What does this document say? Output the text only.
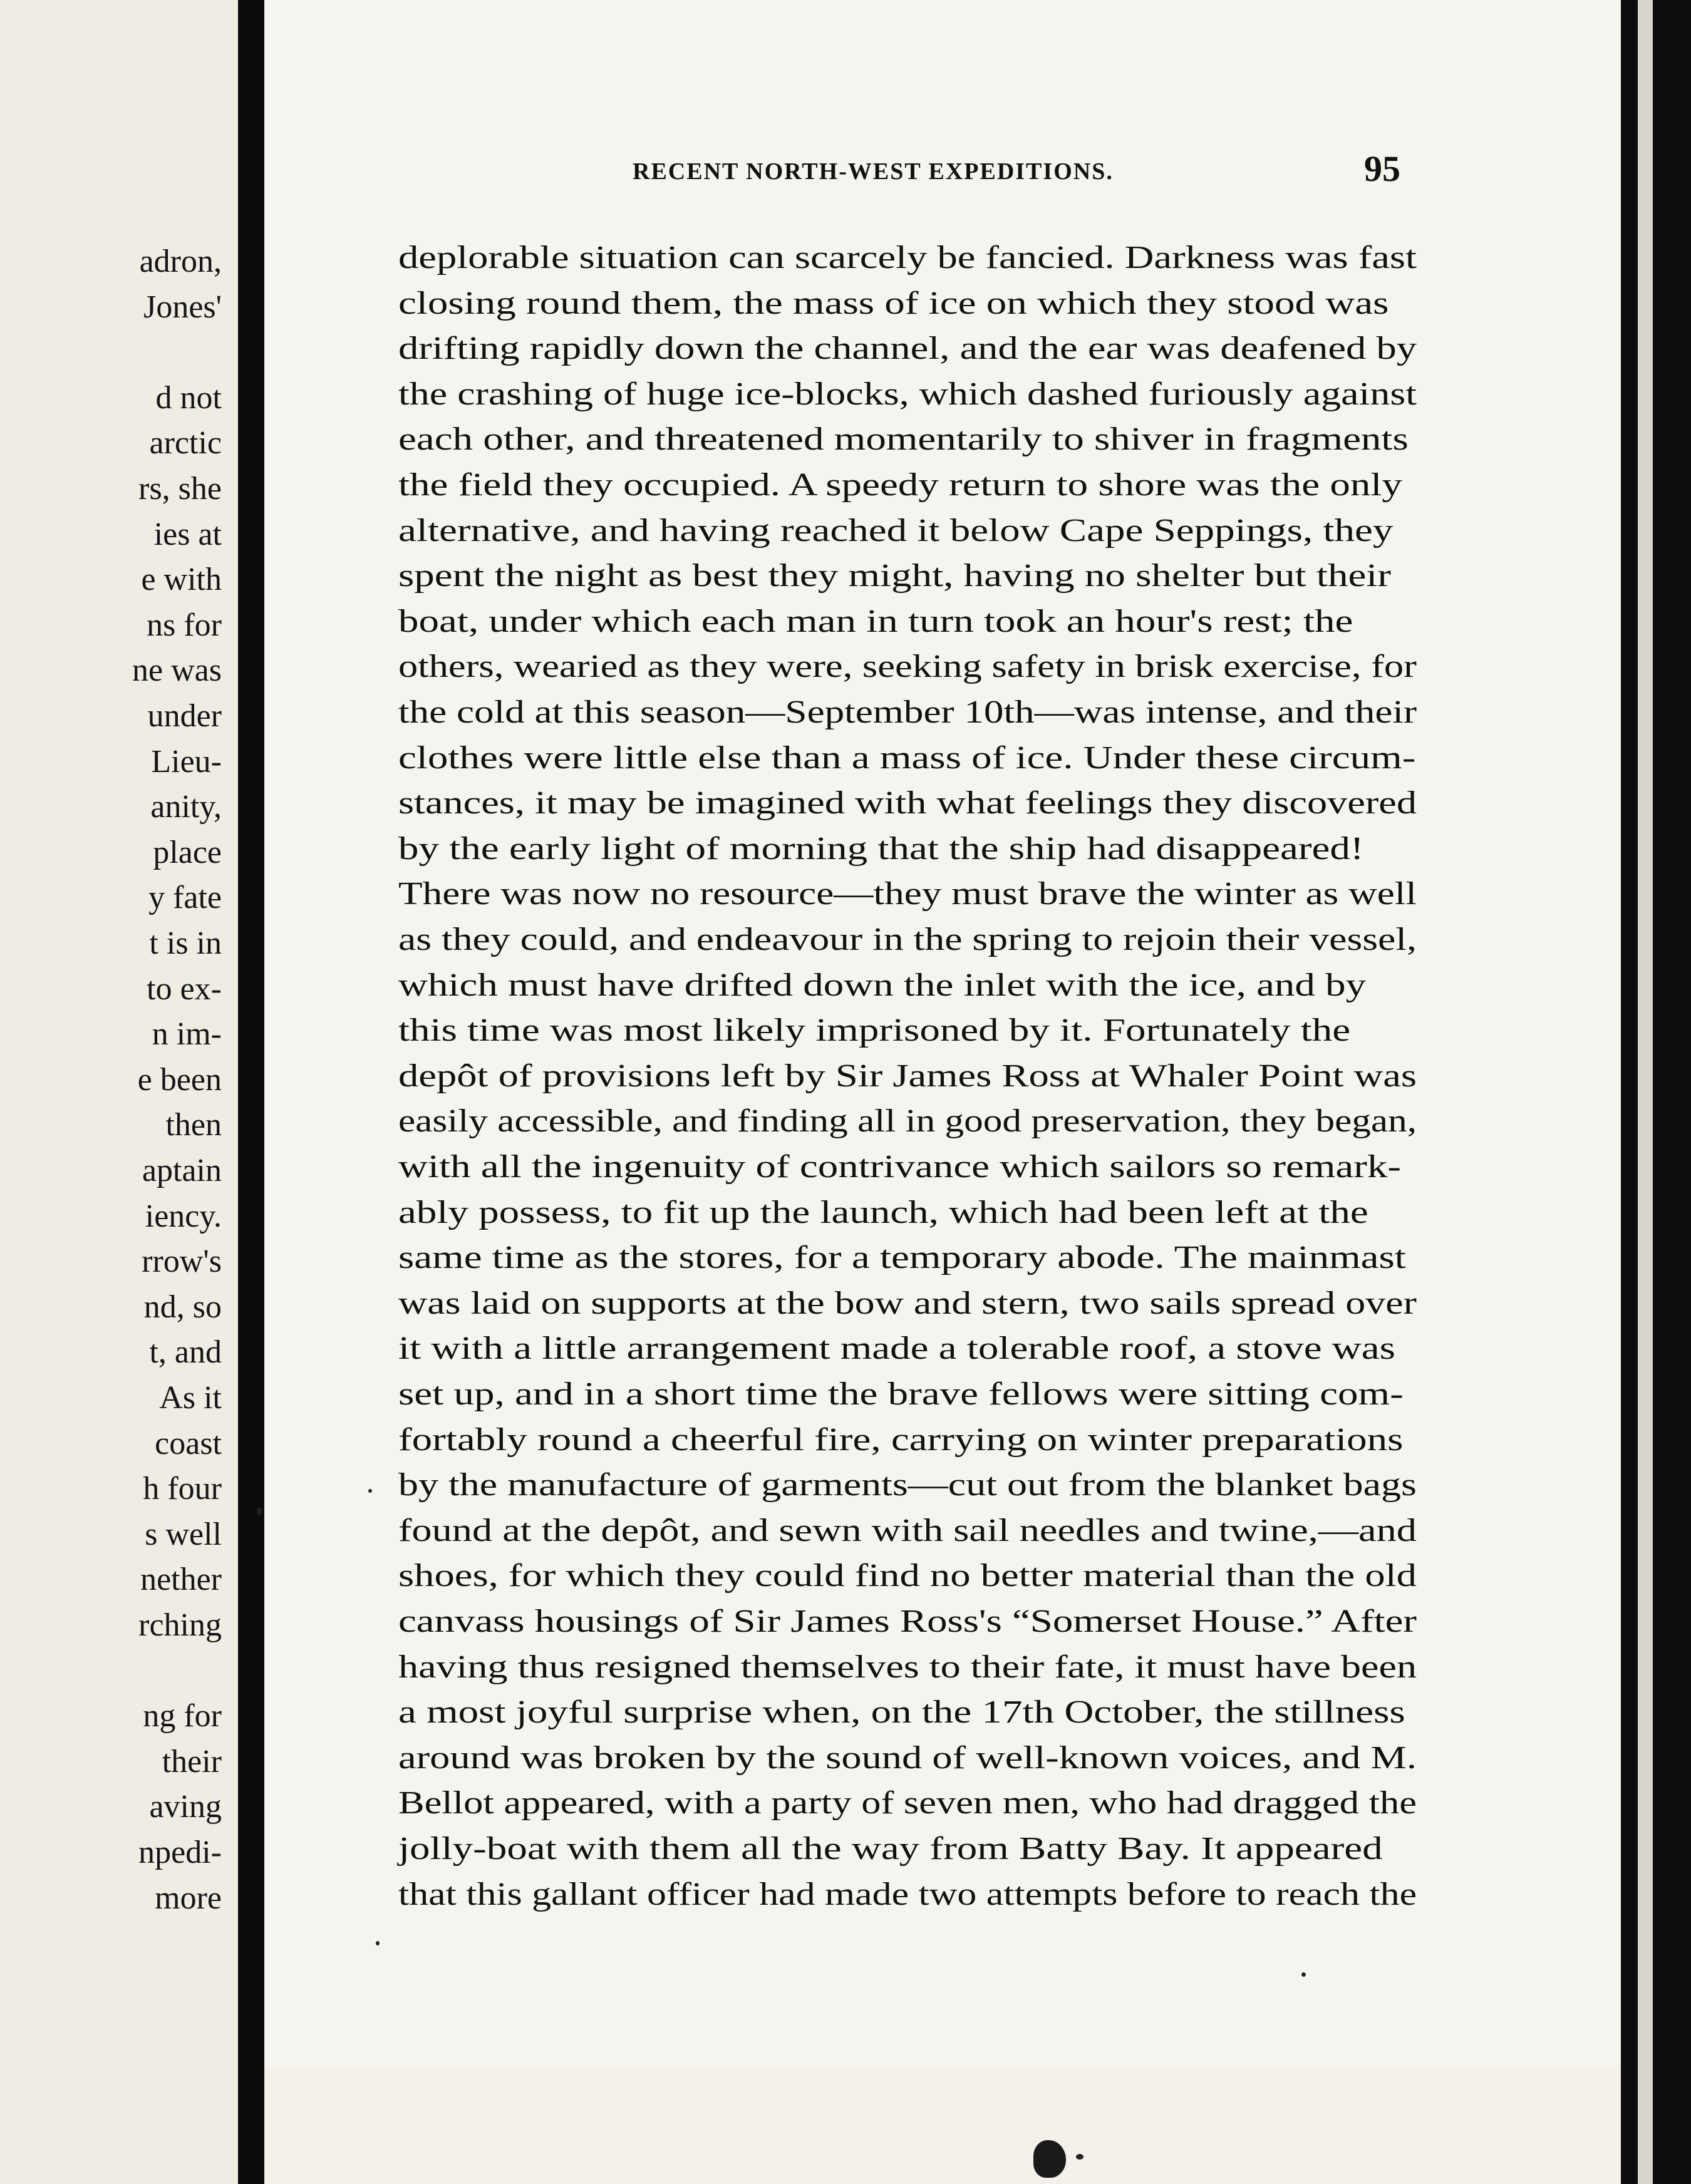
adron,
Jones'
d not
arctic
rs, she
ies at
e with
ns for
ne was
under
Lieu-
anity,
place
y fate
t is in
to ex-
n im-
e been
then
aptain
iency.
rrow's
nd, so
t, and
As it
coast
h four
s well
nether
rching
ng for
their
aving
npedi-
more
RECENT NORTH-WEST EXPEDITIONS.	95
deplorable situation can scarcely be fancied. Darkness was fast
closing round them, the mass of ice on which they stood was
drifting rapidly down the channel, and the ear was deafened by
the crashing of huge ice-blocks, which dashed furiously against
each other, and threatened momentarily to shiver in fragments
the field they occupied. A speedy return to shore was the only
alternative, and having reached it below Cape Seppings, they
spent the night as best they might, having no shelter but their
boat, under which each man in turn took an hour's rest; the
others, wearied as they were, seeking safety in brisk exercise, for
the cold at this season—September 10th—was intense, and their
clothes were little else than a mass of ice. Under these circum-
stances, it may be imagined with what feelings they discovered
by the early light of morning that the ship had disappeared!
There was now no resource—they must brave the winter as well
as they could, and endeavour in the spring to rejoin their vessel,
which must have drifted down the inlet with the ice, and by
this time was most likely imprisoned by it. Fortunately the
depôt of provisions left by Sir James Ross at Whaler Point was
easily accessible, and finding all in good preservation, they began,
with all the ingenuity of contrivance which sailors so remark-
ably possess, to fit up the launch, which had been left at the
same time as the stores, for a temporary abode. The mainmast
was laid on supports at the bow and stern, two sails spread over
it with a little arrangement made a tolerable roof, a stove was
set up, and in a short time the brave fellows were sitting com-
fortably round a cheerful fire, carrying on winter preparations
by the manufacture of garments—cut out from the blanket bags
found at the depôt, and sewn with sail needles and twine,—and
shoes, for which they could find no better material than the old
canvass housings of Sir James Ross's “Somerset House.” After
having thus resigned themselves to their fate, it must have been
a most joyful surprise when, on the 17th October, the stillness
around was broken by the sound of well-known voices, and M.
Bellot appeared, with a party of seven men, who had dragged the
jolly-boat with them all the way from Batty Bay. It appeared
that this gallant officer had made two attempts before to reach the
